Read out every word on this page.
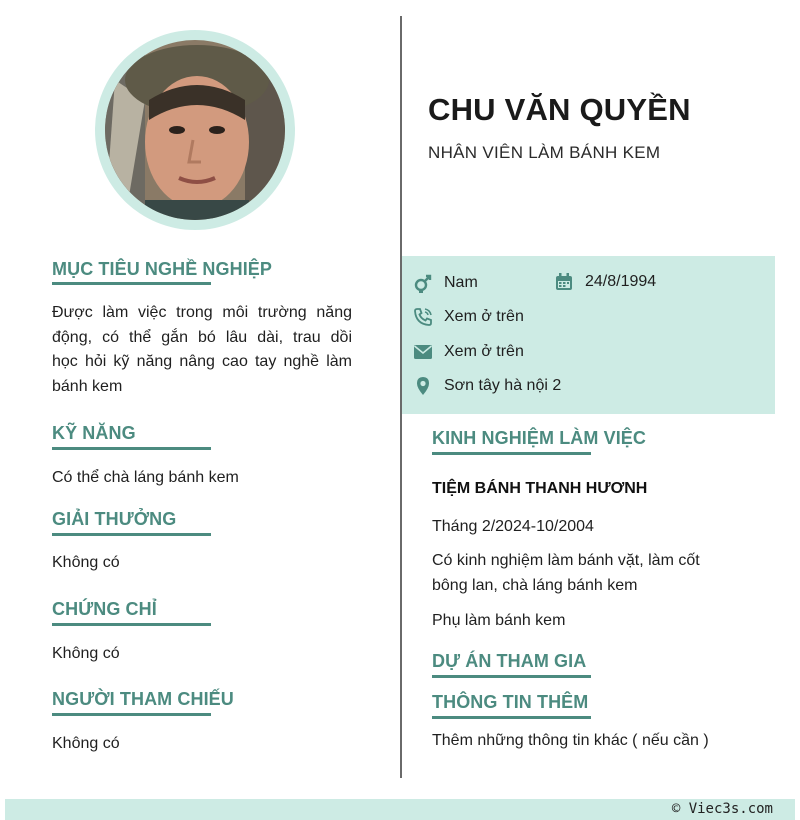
MỤC TIÊU NGHỀ NGHIỆP
Được làm việc trong môi trường năng
động, có thể gắn bó lâu dài, trau dồi
học hỏi kỹ năng nâng cao tay nghề làm
bánh kem
KỸ NĂNG
Có thể chà láng bánh kem
GIẢI THƯỞNG
Không có
CHỨNG CHỈ
Không có
NGƯỜI THAM CHIẾU
Không có
CHU VĂN QUYỀN
NHÂN VIÊN LÀM BÁNH KEM
Nam	24/8/1994
Xem ở trên
Xem ở trên
Sơn tây hà nội 2
KINH NGHIỆM LÀM VIỆC
TIỆM BÁNH THANH HƯƠNH
Tháng 2/2024-10/2004
Có kinh nghiệm làm bánh vặt, làm cốt
bông lan, chà láng bánh kem
Phụ làm bánh kem
DỰ ÁN THAM GIA
THÔNG TIN THÊM
Thêm những thông tin khác ( nếu cần )
© Viec3s.com
